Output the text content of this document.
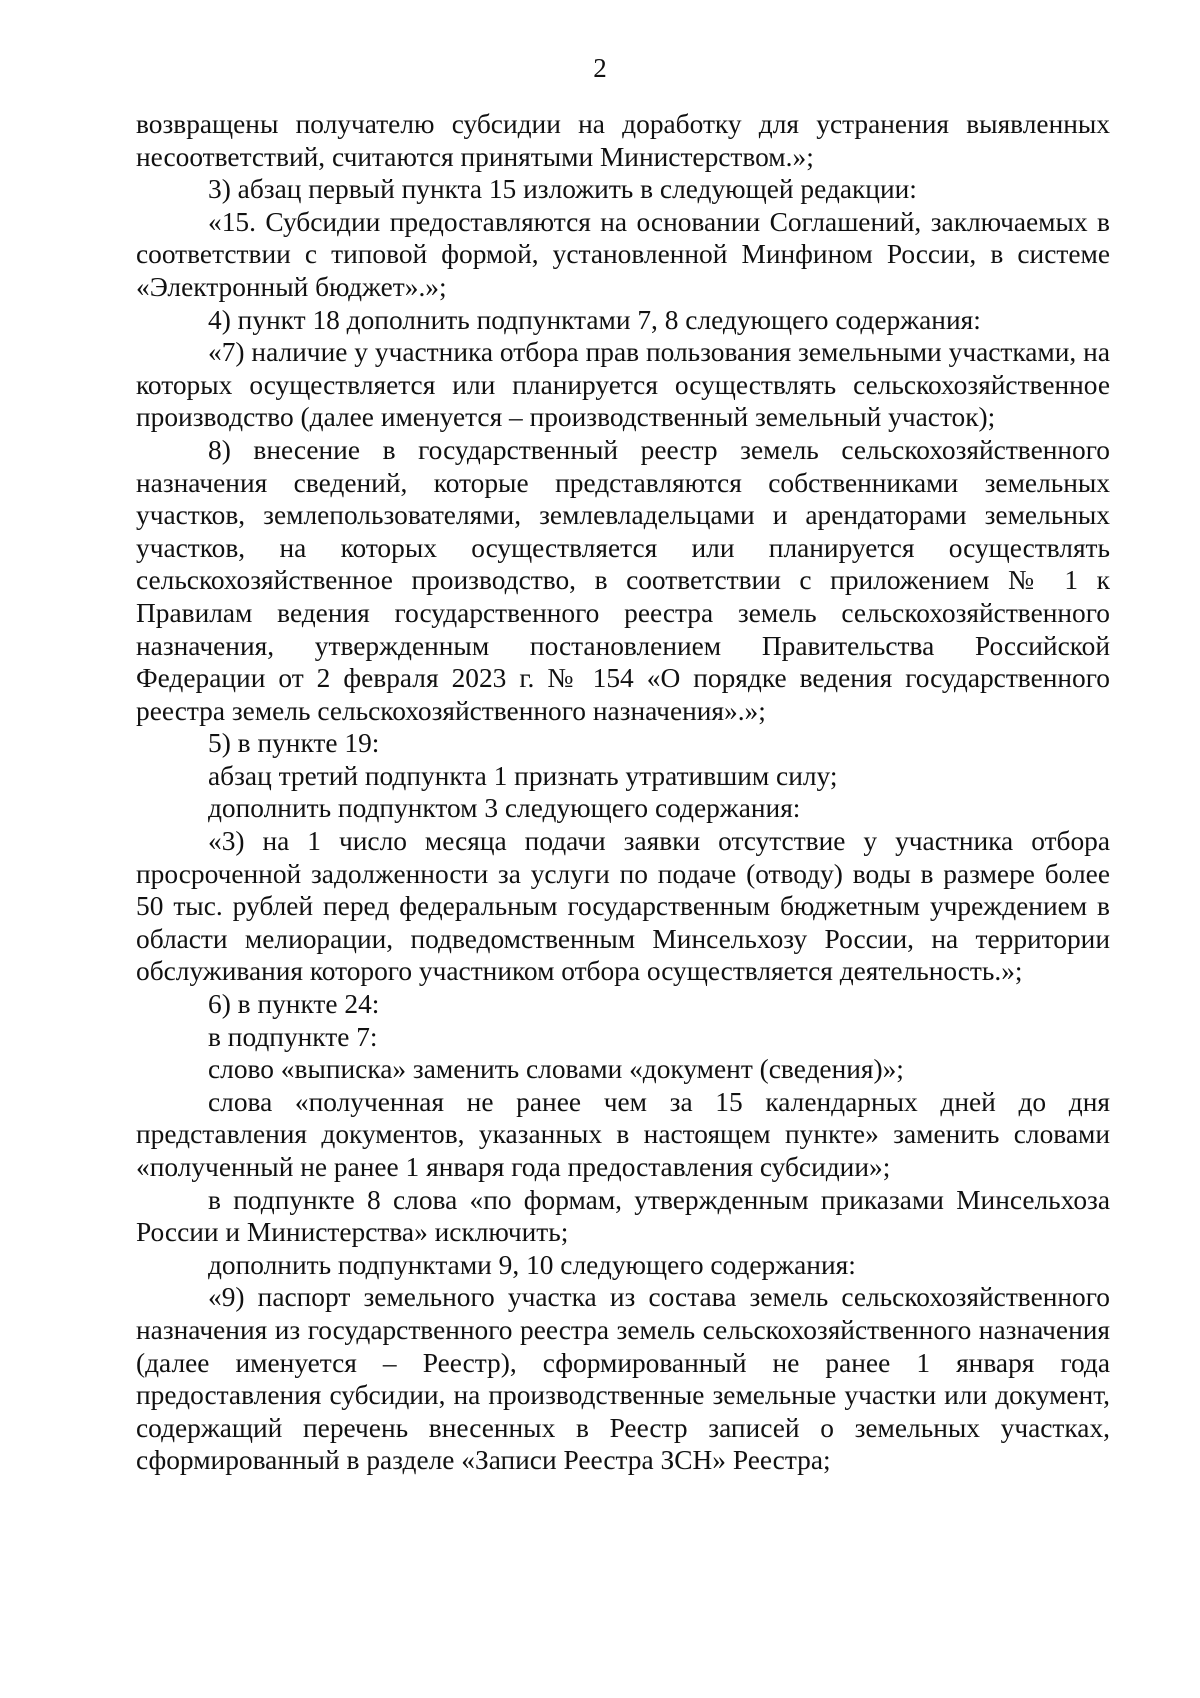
2

возвращены получателю субсидии на доработку для устранения выявленных несоответствий, считаются принятыми Министерством.»;

3) абзац первый пункта 15 изложить в следующей редакции:

«15. Субсидии предоставляются на основании Соглашений, заключаемых в соответствии с типовой формой, установленной Минфином России, в системе «Электронный бюджет».»;

4) пункт 18 дополнить подпунктами 7, 8 следующего содержания:

«7) наличие у участника отбора прав пользования земельными участками, на которых осуществляется или планируется осуществлять сельскохозяйственное производство (далее именуется – производственный земельный участок);

8) внесение в государственный реестр земель сельскохозяйственного назначения сведений, которые представляются собственниками земельных участков, землепользователями, землевладельцами и арендаторами земельных участков, на которых осуществляется или планируется осуществлять сельскохозяйственное производство, в соответствии с приложением № 1 к Правилам ведения государственного реестра земель сельскохозяйственного назначения, утвержденным постановлением Правительства Российской Федерации от 2 февраля 2023 г. № 154 «О порядке ведения государственного реестра земель сельскохозяйственного назначения».»;

5) в пункте 19:

абзац третий подпункта 1 признать утратившим силу;

дополнить подпунктом 3 следующего содержания:

«3) на 1 число месяца подачи заявки отсутствие у участника отбора просроченной задолженности за услуги по подаче (отводу) воды в размере более 50 тыс. рублей перед федеральным государственным бюджетным учреждением в области мелиорации, подведомственным Минсельхозу России, на территории обслуживания которого участником отбора осуществляется деятельность.»;

6) в пункте 24:

в подпункте 7:

слово «выписка» заменить словами «документ (сведения)»;

слова «полученная не ранее чем за 15 календарных дней до дня представления документов, указанных в настоящем пункте» заменить словами «полученный не ранее 1 января года предоставления субсидии»;

в подпункте 8 слова «по формам, утвержденным приказами Минсельхоза России и Министерства» исключить;

дополнить подпунктами 9, 10 следующего содержания:

«9) паспорт земельного участка из состава земель сельскохозяйственного назначения из государственного реестра земель сельскохозяйственного назначения (далее именуется – Реестр), сформированный не ранее 1 января года предоставления субсидии, на производственные земельные участки или документ, содержащий перечень внесенных в Реестр записей о земельных участках, сформированный в разделе «Записи Реестра ЗСН» Реестра;
